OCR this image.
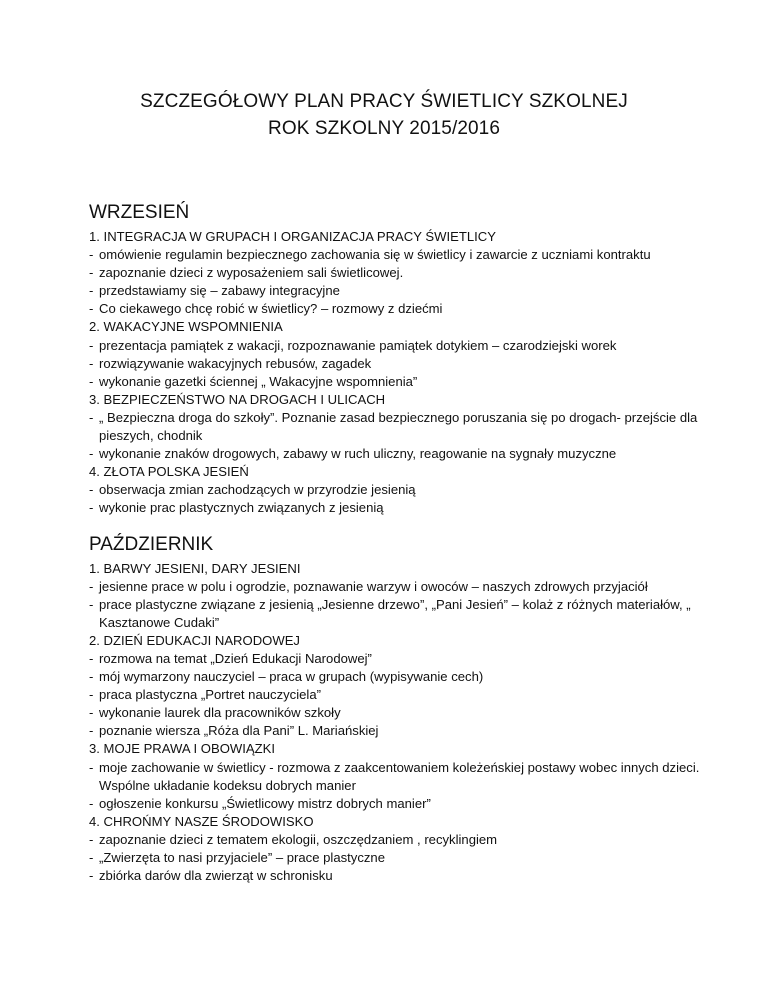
SZCZEGÓŁOWY PLAN PRACY ŚWIETLICY SZKOLNEJ
ROK SZKOLNY 2015/2016
WRZESIEŃ
1. INTEGRACJA W GRUPACH I ORGANIZACJA PRACY ŚWIETLICY
- omówienie regulamin bezpiecznego zachowania się w świetlicy i zawarcie z uczniami kontraktu
- zapoznanie dzieci z wyposażeniem sali świetlicowej.
- przedstawiamy się – zabawy integracyjne
- Co ciekawego chcę robić w świetlicy? – rozmowy z dziećmi
2. WAKACYJNE WSPOMNIENIA
- prezentacja pamiątek z wakacji, rozpoznawanie pamiątek dotykiem – czarodziejski worek
- rozwiązywanie wakacyjnych rebusów, zagadek
- wykonanie gazetki ściennej „ Wakacyjne wspomnienia”
3. BEZPIECZEŃSTWO NA DROGACH I ULICACH
- „ Bezpieczna droga do szkoły”. Poznanie zasad bezpiecznego poruszania się po drogach- przejście dla pieszych, chodnik
- wykonanie znaków drogowych, zabawy w ruch uliczny, reagowanie na sygnały muzyczne
4. ZŁOTA POLSKA JESIEŃ
- obserwacja zmian zachodzących w przyrodzie jesienią
- wykonie prac plastycznych związanych z jesienią
PAŹDZIERNIK
1. BARWY JESIENI, DARY JESIENI
- jesienne prace w polu i ogrodzie, poznawanie warzyw i owoców – naszych zdrowych przyjaciół
- prace plastyczne związane z jesienią „Jesienne drzewo”, „Pani Jesień” – kolaż z różnych materiałów, „ Kasztanowe Cudaki”
2. DZIEŃ EDUKACJI NARODOWEJ
- rozmowa na temat „Dzień Edukacji Narodowej”
- mój wymarzony nauczyciel – praca w grupach (wypisywanie cech)
- praca plastyczna „Portret nauczyciela”
- wykonanie laurek dla pracowników szkoły
- poznanie wiersza „Róża dla Pani” L. Mariańskiej
3. MOJE PRAWA I OBOWIĄZKI
- moje zachowanie w świetlicy - rozmowa z zaakcentowaniem koleżeńskiej postawy wobec innych dzieci. Wspólne układanie kodeksu dobrych manier
- ogłoszenie konkursu „Świetlicowy mistrz dobrych manier”
4. CHROŃMY NASZE ŚRODOWISKO
- zapoznanie dzieci z tematem ekologii, oszczędzaniem , recyklingiem
- „Zwierzęta to nasi przyjaciele” – prace plastyczne
- zbiórka darów dla zwierząt w schronisku
